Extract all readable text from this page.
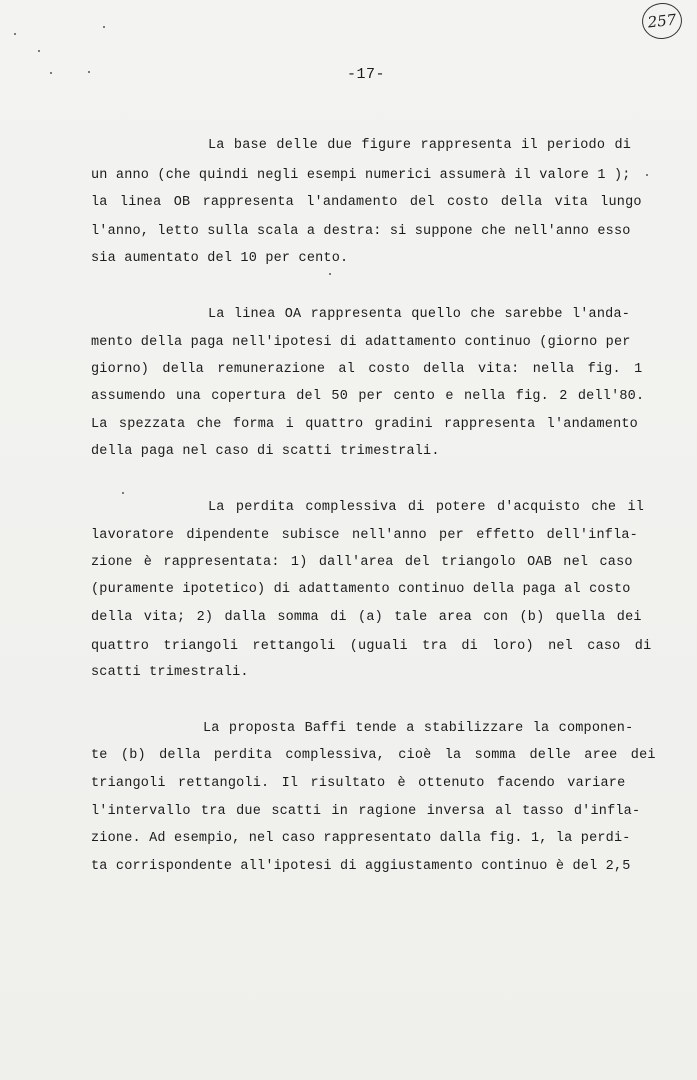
257
-17-
La base delle due figure rappresenta il periodo di
un anno (che quindi negli esempi numerici assumerà il valore 1 );
la linea OB rappresenta l'andamento del costo della vita lungo
l'anno, letto sulla scala a destra: si suppone che nell'anno esso
sia aumentato del 10 per cento.
La linea OA rappresenta quello che sarebbe l'anda-
mento della paga nell'ipotesi di adattamento continuo (giorno per
giorno) della remunerazione al costo della vita: nella fig. 1
assumendo una copertura del 50 per cento e nella fig. 2 dell'80.
La spezzata che forma i quattro gradini rappresenta l'andamento
della paga nel caso di scatti trimestrali.
La perdita complessiva di potere d'acquisto che il
lavoratore dipendente subisce nell'anno per effetto dell'infla-
zione è rappresentata: 1) dall'area del triangolo OAB nel caso
(puramente ipotetico) di adattamento continuo della paga al costo
della vita; 2) dalla somma di (a) tale area con (b) quella dei
quattro triangoli rettangoli (uguali tra di loro) nel caso di
scatti trimestrali.
La proposta Baffi tende a stabilizzare la componen-
te (b) della perdita complessiva, cioè la somma delle aree dei
triangoli rettangoli. Il risultato è ottenuto facendo variare
l'intervallo tra due scatti in ragione inversa al tasso d'infla-
zione. Ad esempio, nel caso rappresentato dalla fig. 1, la perdi-
ta corrispondente all'ipotesi di aggiustamento continuo è del 2,5
